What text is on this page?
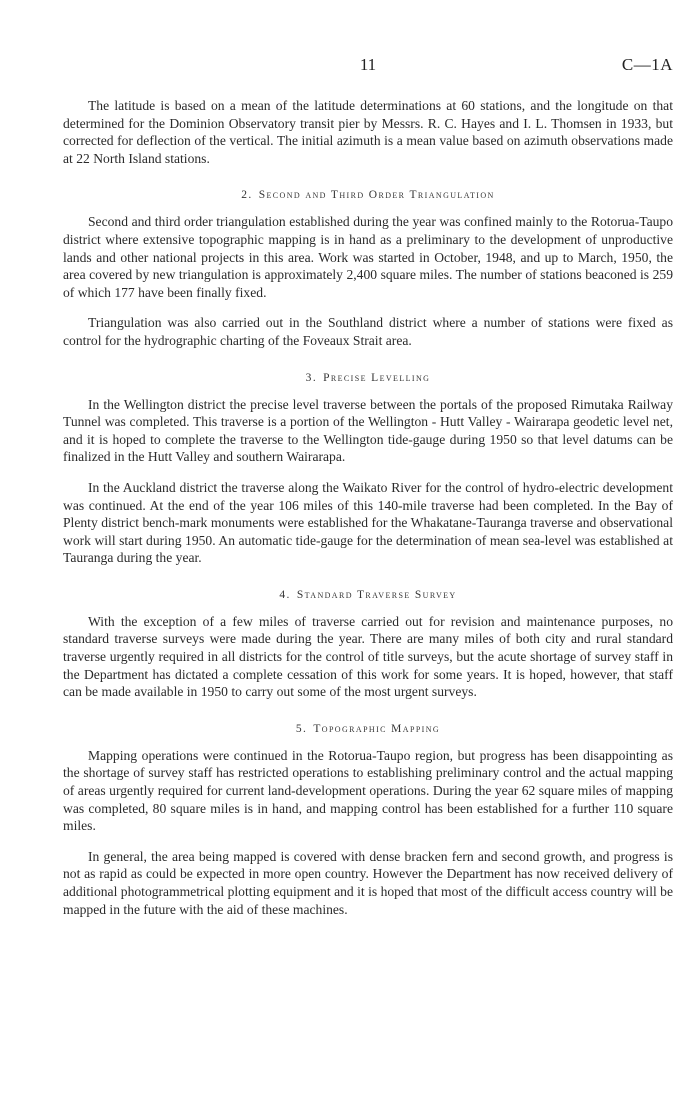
11	C—1A

The latitude is based on a mean of the latitude determinations at 60 stations, and the longitude on that determined for the Dominion Observatory transit pier by Messrs. R. C. Hayes and I. L. Thomsen in 1933, but corrected for deflection of the vertical. The initial azimuth is a mean value based on azimuth observations made at 22 North Island stations.

2. Second and Third Order Triangulation

Second and third order triangulation established during the year was confined mainly to the Rotorua-Taupo district where extensive topographic mapping is in hand as a preliminary to the development of unproductive lands and other national projects in this area. Work was started in October, 1948, and up to March, 1950, the area covered by new triangulation is approximately 2,400 square miles. The number of stations beaconed is 259 of which 177 have been finally fixed.

Triangulation was also carried out in the Southland district where a number of stations were fixed as control for the hydrographic charting of the Foveaux Strait area.

3. Precise Levelling

In the Wellington district the precise level traverse between the portals of the proposed Rimutaka Railway Tunnel was completed. This traverse is a portion of the Wellington - Hutt Valley - Wairarapa geodetic level net, and it is hoped to complete the traverse to the Wellington tide-gauge during 1950 so that level datums can be finalized in the Hutt Valley and southern Wairarapa.

In the Auckland district the traverse along the Waikato River for the control of hydro-electric development was continued. At the end of the year 106 miles of this 140-mile traverse had been completed. In the Bay of Plenty district bench-mark monuments were established for the Whakatane-Tauranga traverse and observational work will start during 1950. An automatic tide-gauge for the determination of mean sea-level was established at Tauranga during the year.

4. Standard Traverse Survey

With the exception of a few miles of traverse carried out for revision and maintenance purposes, no standard traverse surveys were made during the year. There are many miles of both city and rural standard traverse urgently required in all districts for the control of title surveys, but the acute shortage of survey staff in the Department has dictated a complete cessation of this work for some years. It is hoped, however, that staff can be made available in 1950 to carry out some of the most urgent surveys.

5. Topographic Mapping

Mapping operations were continued in the Rotorua-Taupo region, but progress has been disappointing as the shortage of survey staff has restricted operations to establishing preliminary control and the actual mapping of areas urgently required for current land-development operations. During the year 62 square miles of mapping was completed, 80 square miles is in hand, and mapping control has been established for a further 110 square miles.

In general, the area being mapped is covered with dense bracken fern and second growth, and progress is not as rapid as could be expected in more open country. However the Department has now received delivery of additional photogrammetrical plotting equipment and it is hoped that most of the difficult access country will be mapped in the future with the aid of these machines.
